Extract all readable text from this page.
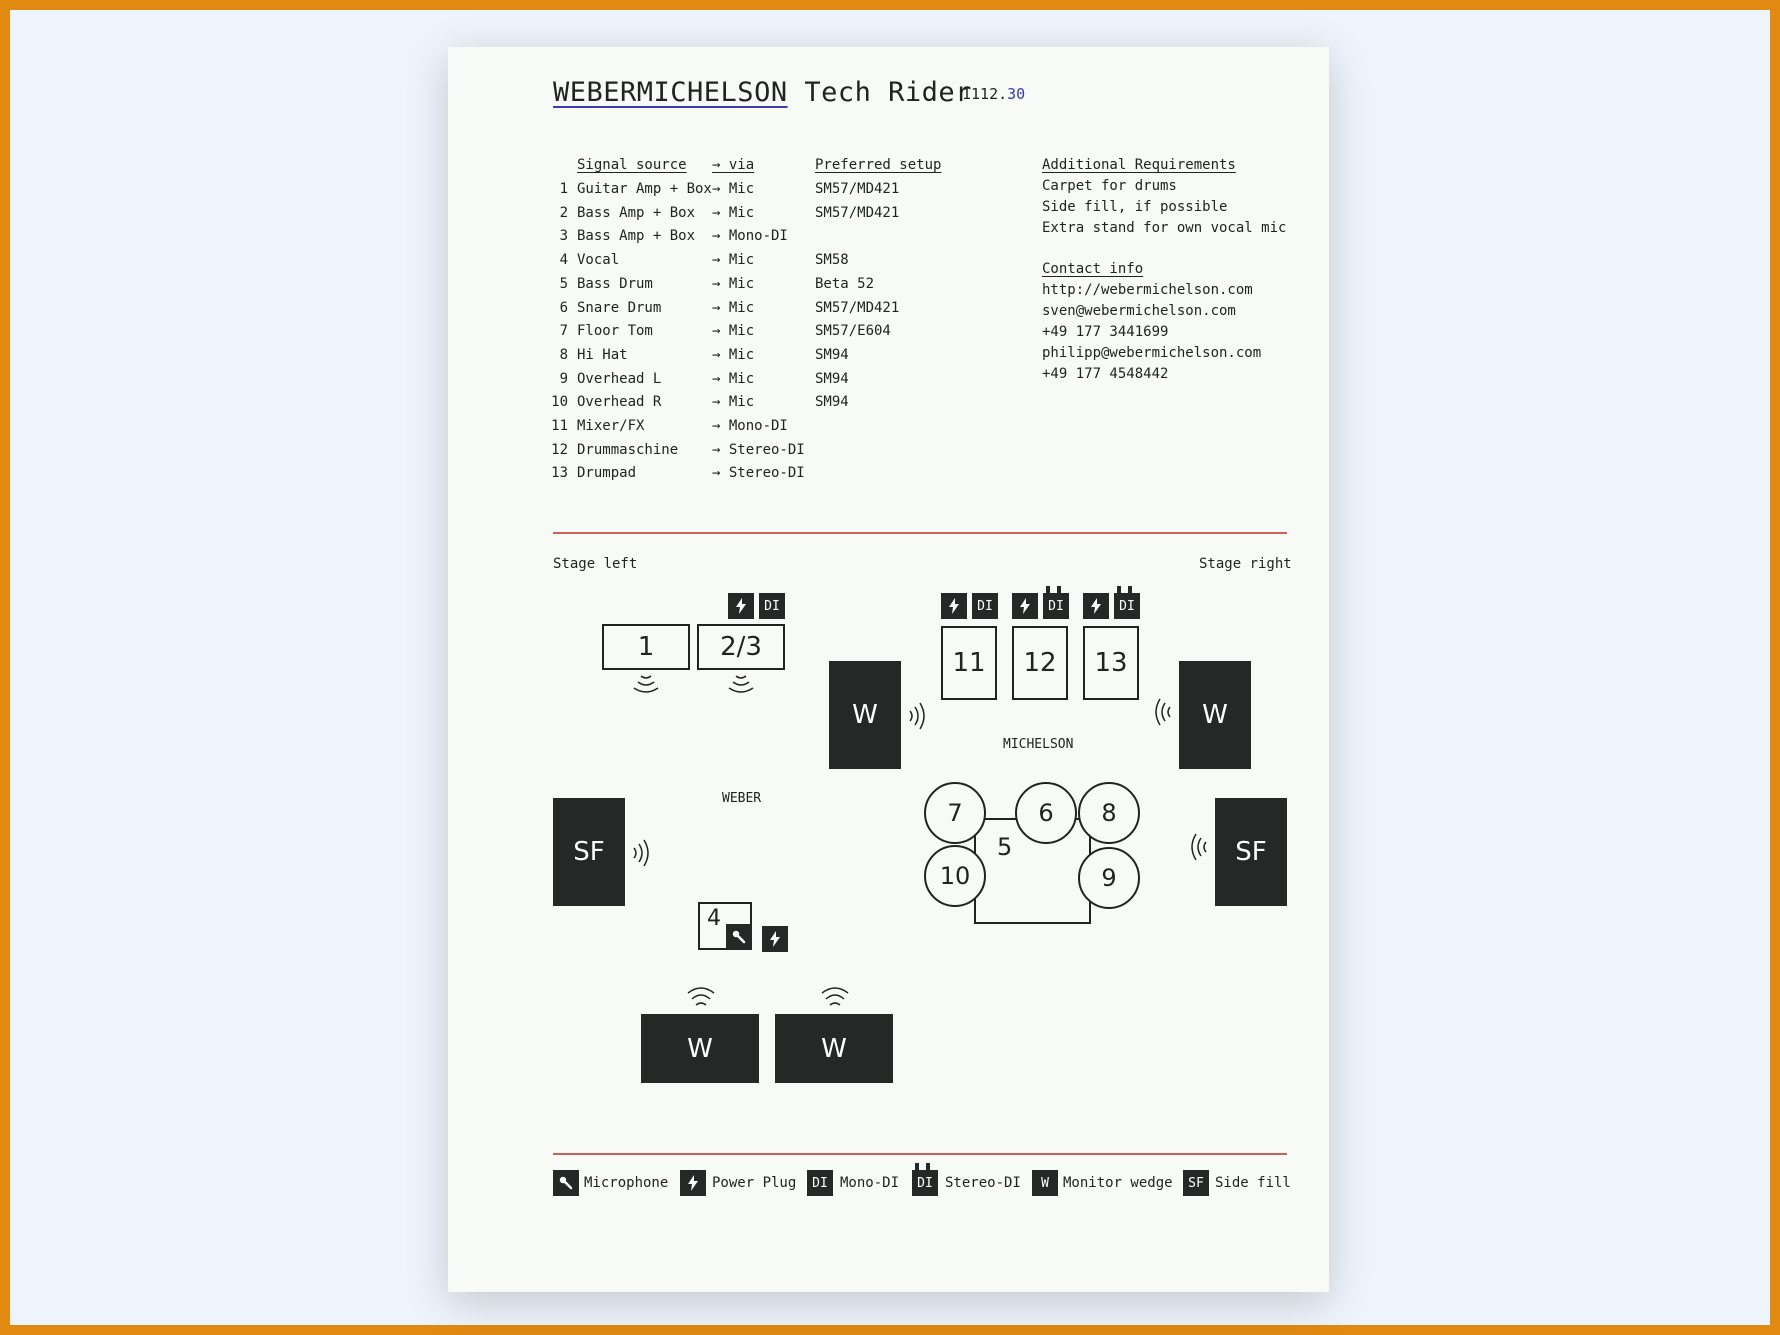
WEBERMICHELSON Tech Rider
1112.30
Signal source → via	Preferred setup
1 Guitar Amp + Box → Mic	SM57/MD421
2 Bass Amp + Box → Mic	SM57/MD421
3 Bass Amp + Box → Mono-DI
4 Vocal	→ Mic	SM58
5 Bass Drum	→ Mic	Beta 52
6 Snare Drum	→ Mic	SM57/MD421
7 Floor Tom	→ Mic	SM57/E604
8 Hi Hat	→ Mic	SM94
9 Overhead L	→ Mic	SM94
10 Overhead R	→ Mic	SM94
11 Mixer/FX	→ Mono-DI
12 Drummaschine → Stereo-DI
13 Drumpad	→ Stereo-DI
Additional Requirements
Carpet for drums
Side fill, if possible
Extra stand for own vocal mic
Contact info
http://webermichelson.com
sven@webermichelson.com
+49 177 3441699
philipp@webermichelson.com
+49 177 4548442
Stage left	Stage right
1	2/3
DI
11	12	13
DI	DI	DI
W	W
MICHELSON
WEBER
SF	SF
5
7	6	8
10	9
4
W	W
Microphone	Power Plug DI Mono-DI DI Stereo-DI W Monitor wedge SF Side fill
